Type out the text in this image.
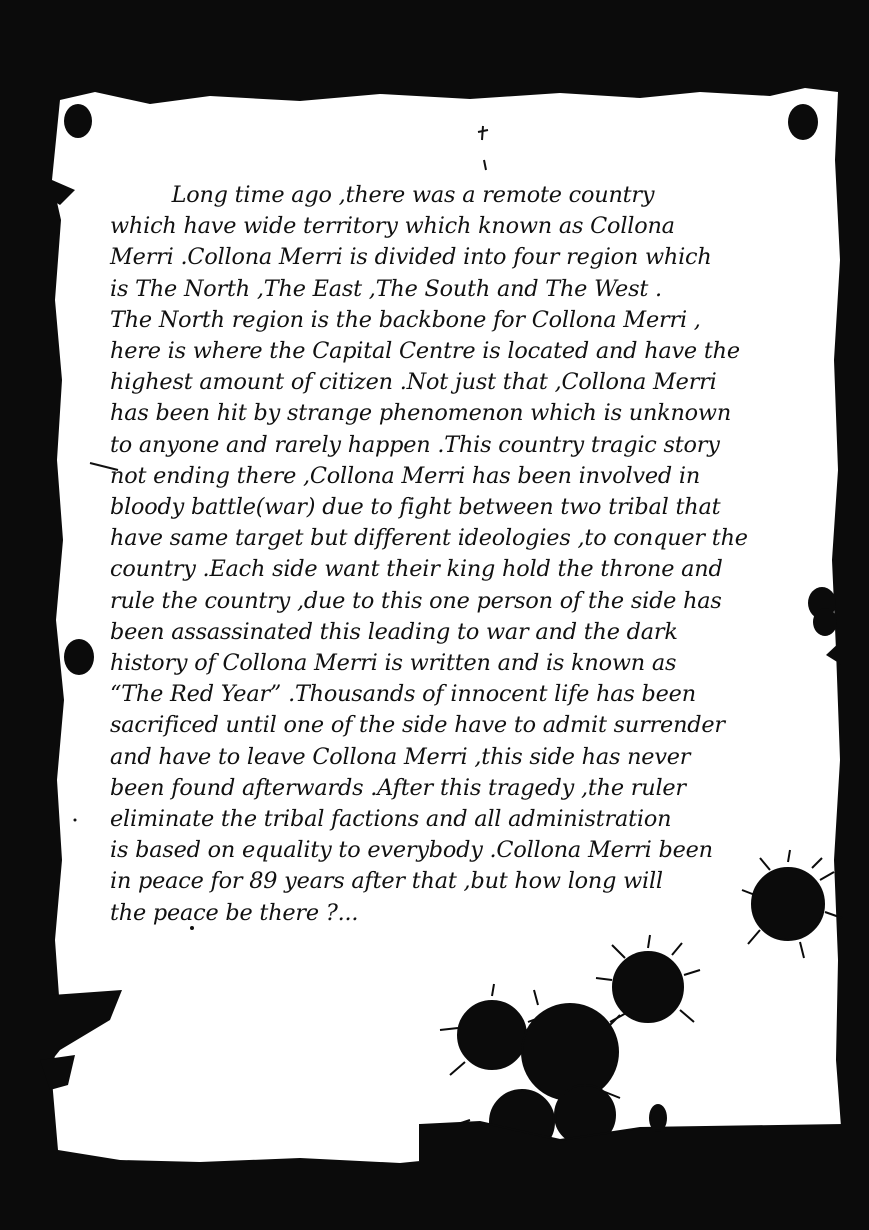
Long time ago ,there was a remote country
which have wide territory which known as Collona
Merri .Collona Merri is divided into four region which
is The North ,The East ,The South and The West .
The North region is the backbone for Collona Merri ,
here is where the Capital Centre is located and have the
highest amount of citizen .Not just that ,Collona Merri
has been hit by strange phenomenon which is unknown
to anyone and rarely happen .This country tragic story
not ending there ,Collona Merri has been involved in
bloody battle(war) due to fight between two tribal that
have same target but different ideologies ,to conquer the
country .Each side want their king hold the throne and
rule the country ,due to this one person of the side has
been assassinated this leading to war and the dark
history of Collona Merri is written and is known as
“The Red Year” .Thousands of innocent life has been
sacrificed until one of the side have to admit surrender
and have to leave Collona Merri ,this side has never
been found afterwards .After this tragedy ,the ruler
eliminate the tribal factions and all administration
is based on equality to everybody .Collona Merri been
in peace for 89 years after that ,but how long will
the peace be there ?...
